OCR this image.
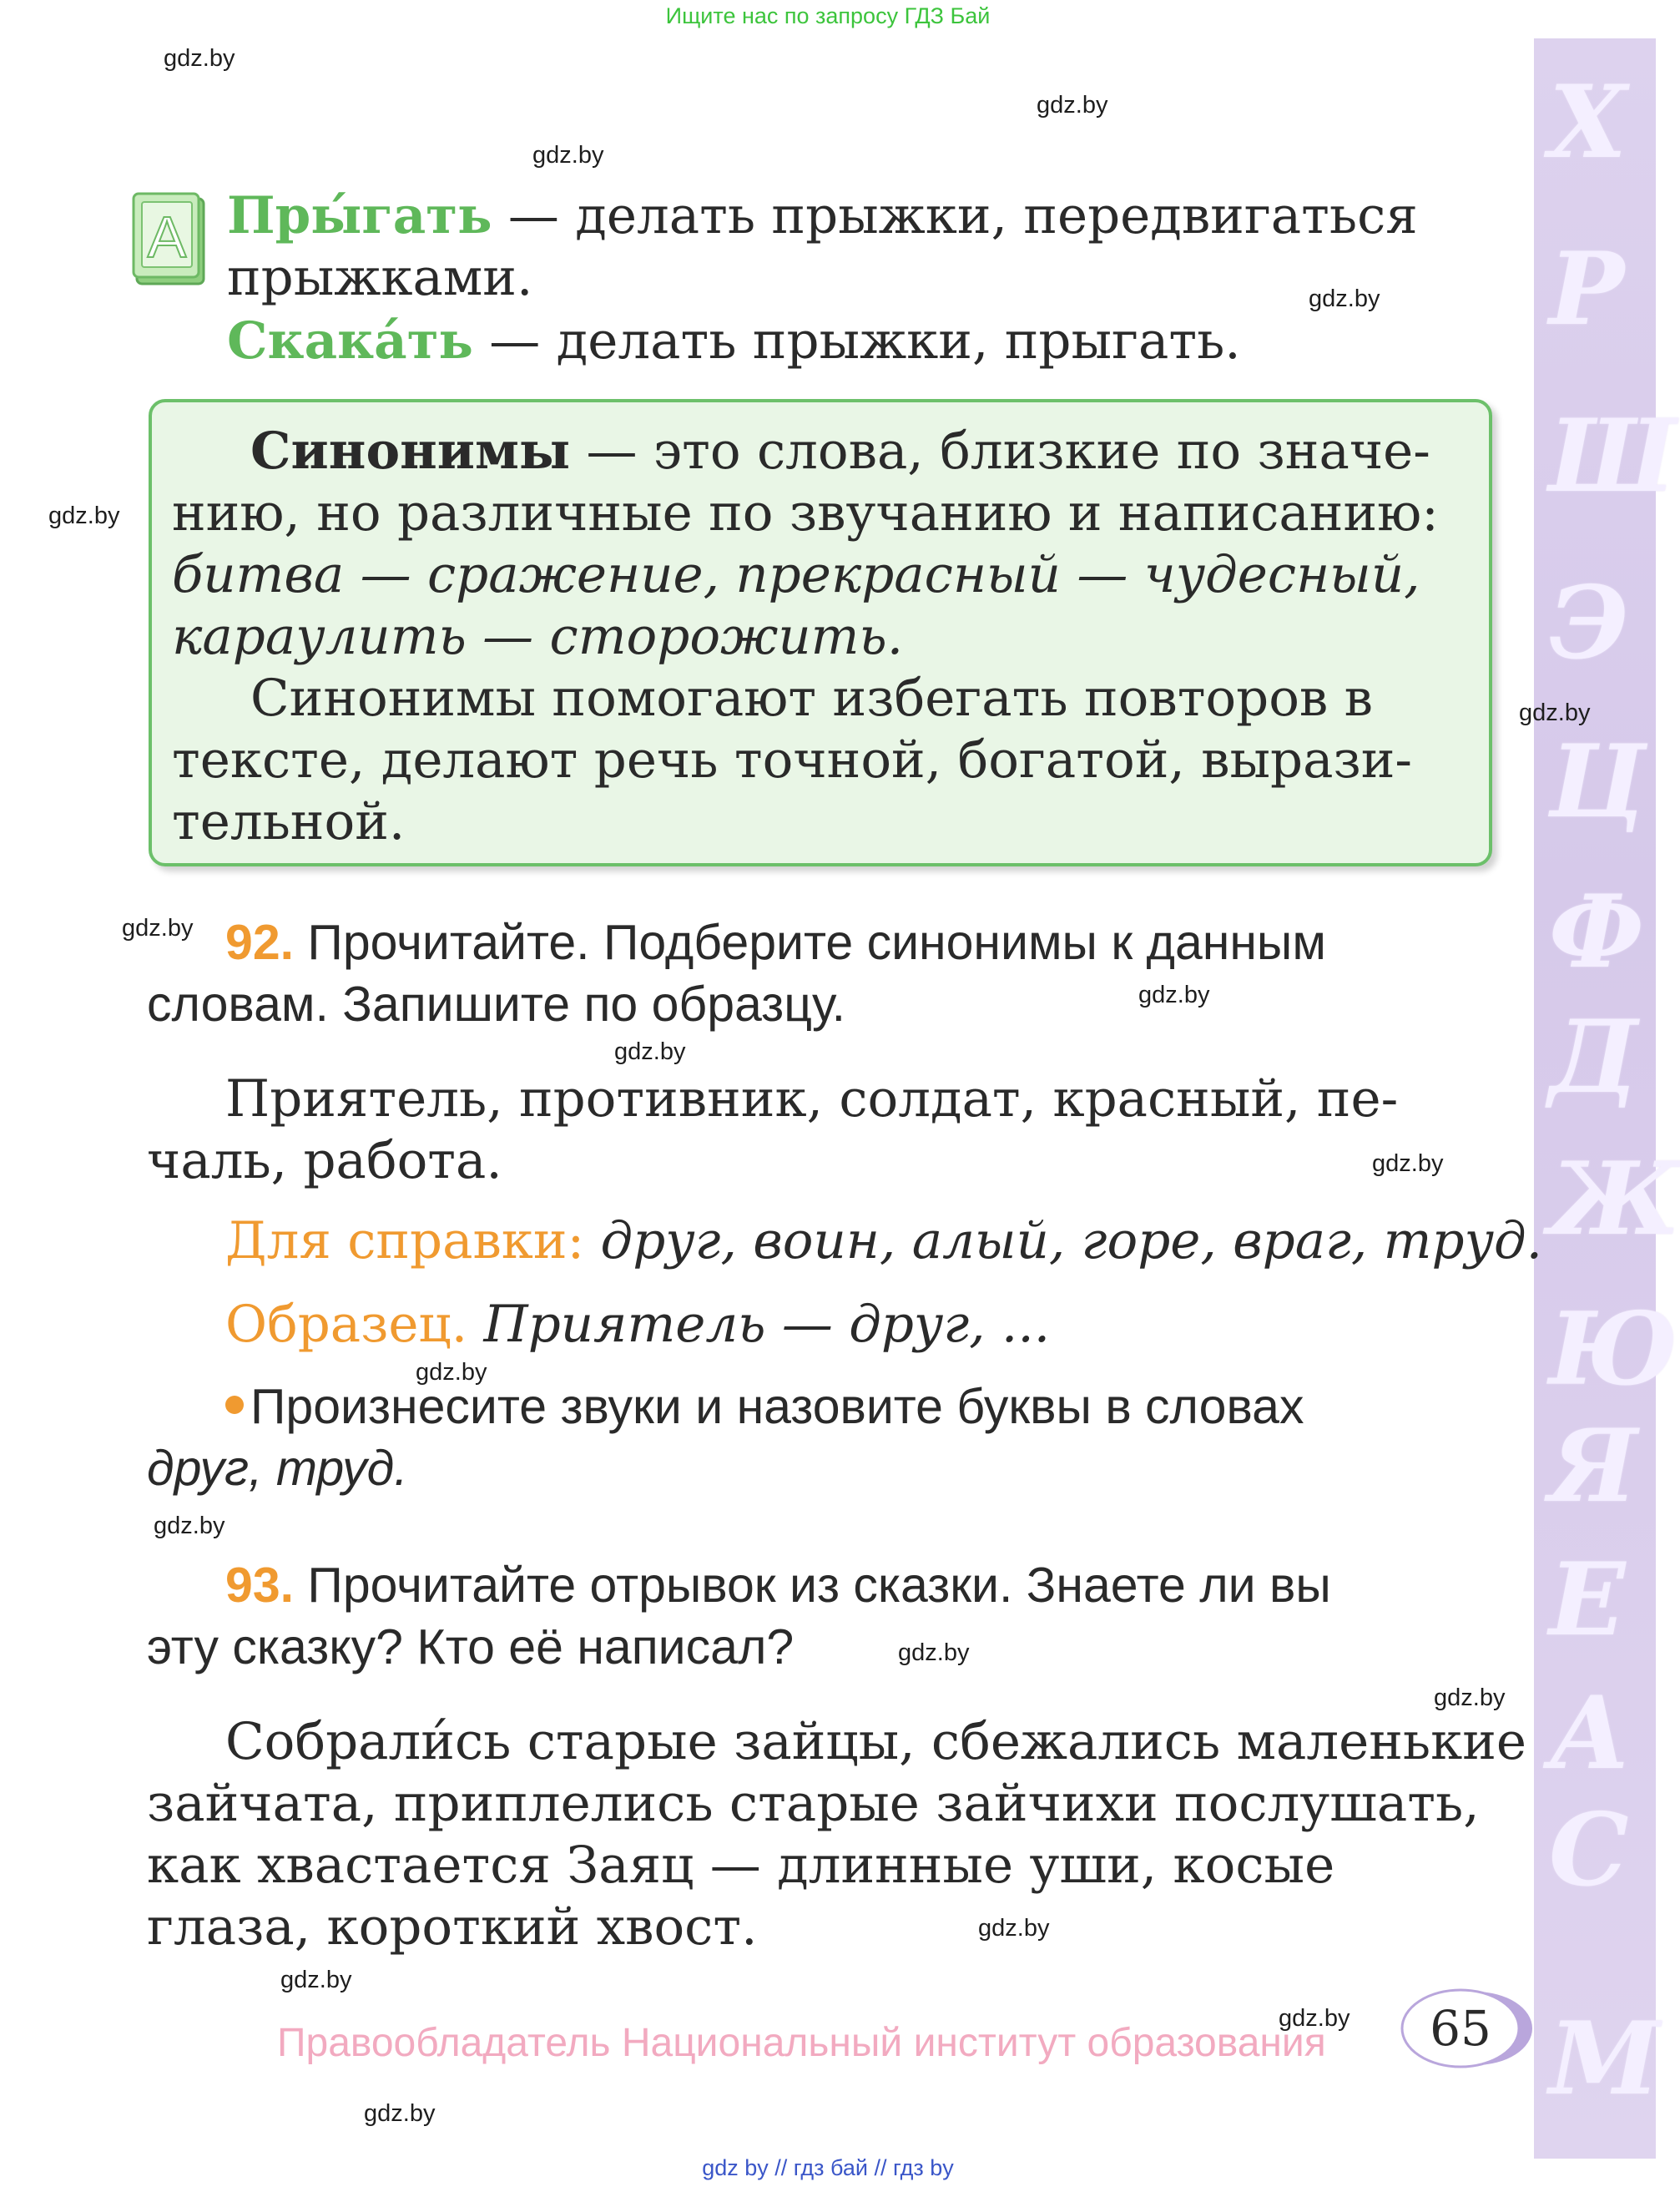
Ищите нас по запросу ГДЗ Бай
Х
Р
Ш
Э
Ц
Ф
Д
Ж
Ю
Я
Е
А
С
М
gdz.by
gdz.by
gdz.by
gdz.by
gdz.by
gdz.by
gdz.by
gdz.by
gdz.by
gdz.by
gdz.by
gdz.by
gdz.by
gdz.by
gdz.by
gdz.by
gdz.by
gdz.by
A Пры́гать — делать прыжки, передвигаться
прыжками.
Скака́ть — делать прыжки, прыгать.
Синонимы — это слова, близкие по значе-
нию, но различные по звучанию и написанию:
битва — сражение, прекрасный — чудесный,
караулить — сторожить.
Синонимы помогают избегать повторов в
тексте, делают речь точной, богатой, вырази-
тельной.
92. Прочитайте. Подберите синонимы к данным
словам. Запишите по образцу.
Приятель, противник, солдат, красный, пе-
чаль, работа.
Для справки: друг, воин, алый, горе, враг, труд.
Образец. Приятель — друг, ...
Произнесите звуки и назовите буквы в словах
друг, труд.
93. Прочитайте отрывок из сказки. Знаете ли вы
эту сказку? Кто её написал?
Собрали́сь старые зайцы, сбежались маленькие
зайчата, приплелись старые зайчихи послушать,
как хвастается Заяц — длинные уши, косые
глаза, короткий хвост.
65
Правообладатель Национальный институт образования
gdz by // гдз бай // гдз by
